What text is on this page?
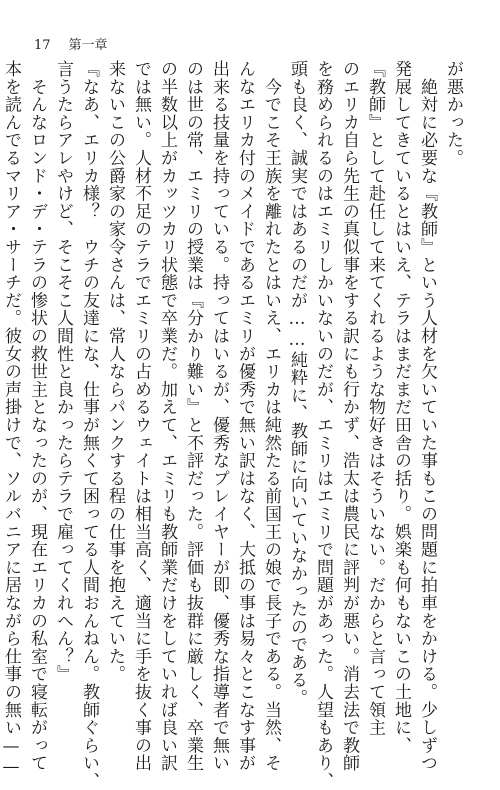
17 第一章
が悪かった。
　絶対に必要な『教師』という人材を欠いていた事もこの問題に拍車をかける。少しずつ
発展してきているとはいえ、テラはまだまだ田舎の括り。娯楽も何もないこの土地に、
『教師』として赴任して来てくれるような物好きはそういない。だからと言って領主
のエリカ自ら先生の真似事をする訳にも行かず、浩太は農民に評判が悪い。消去法で教師
を務められるのはエミリしかいないのだが、エミリはエミリで問題があった。人望もあり、
頭も良く、誠実ではあるのだが……純粋に、教師に向いていなかったのである。
　今でこそ王族を離れたとはいえ、エリカは純然たる前国王の娘で長子である。当然、そ
んなエリカ付のメイドであるエミリが優秀で無い訳はなく、大抵の事は易々とこなす事が
出来る技量を持っている。持ってはいるが、優秀なプレイヤーが即、優秀な指導者で無い
のは世の常、エミリの授業は『分かり難い』と不評だった。評価も抜群に厳しく、卒業生
の半数以上がカッツカリ状態で卒業だ。加えて、エミリも教師業だけをしていれば良い訳
では無い。人材不足のテラでエミリの占めるウェイトは相当高く、適当に手を抜く事の出
来ないこの公爵家の家令さんは、常人ならパンクする程の仕事を抱えていた。
『なあ、エリカ様？　ウチの友達にな、仕事が無くて困ってる人間おんねん。教師ぐらい、
言うたらアレやけど、そこそこ人間性と良かったらテラで雇ってくれへん？』
　そんなロンド・デ・テラの惨状の救世主となったのが、現在エリカの私室で寝転がって
本を読んでるマリア・サーチだ。彼女の声掛けで、ソルバニアに居ながら仕事の無い——
